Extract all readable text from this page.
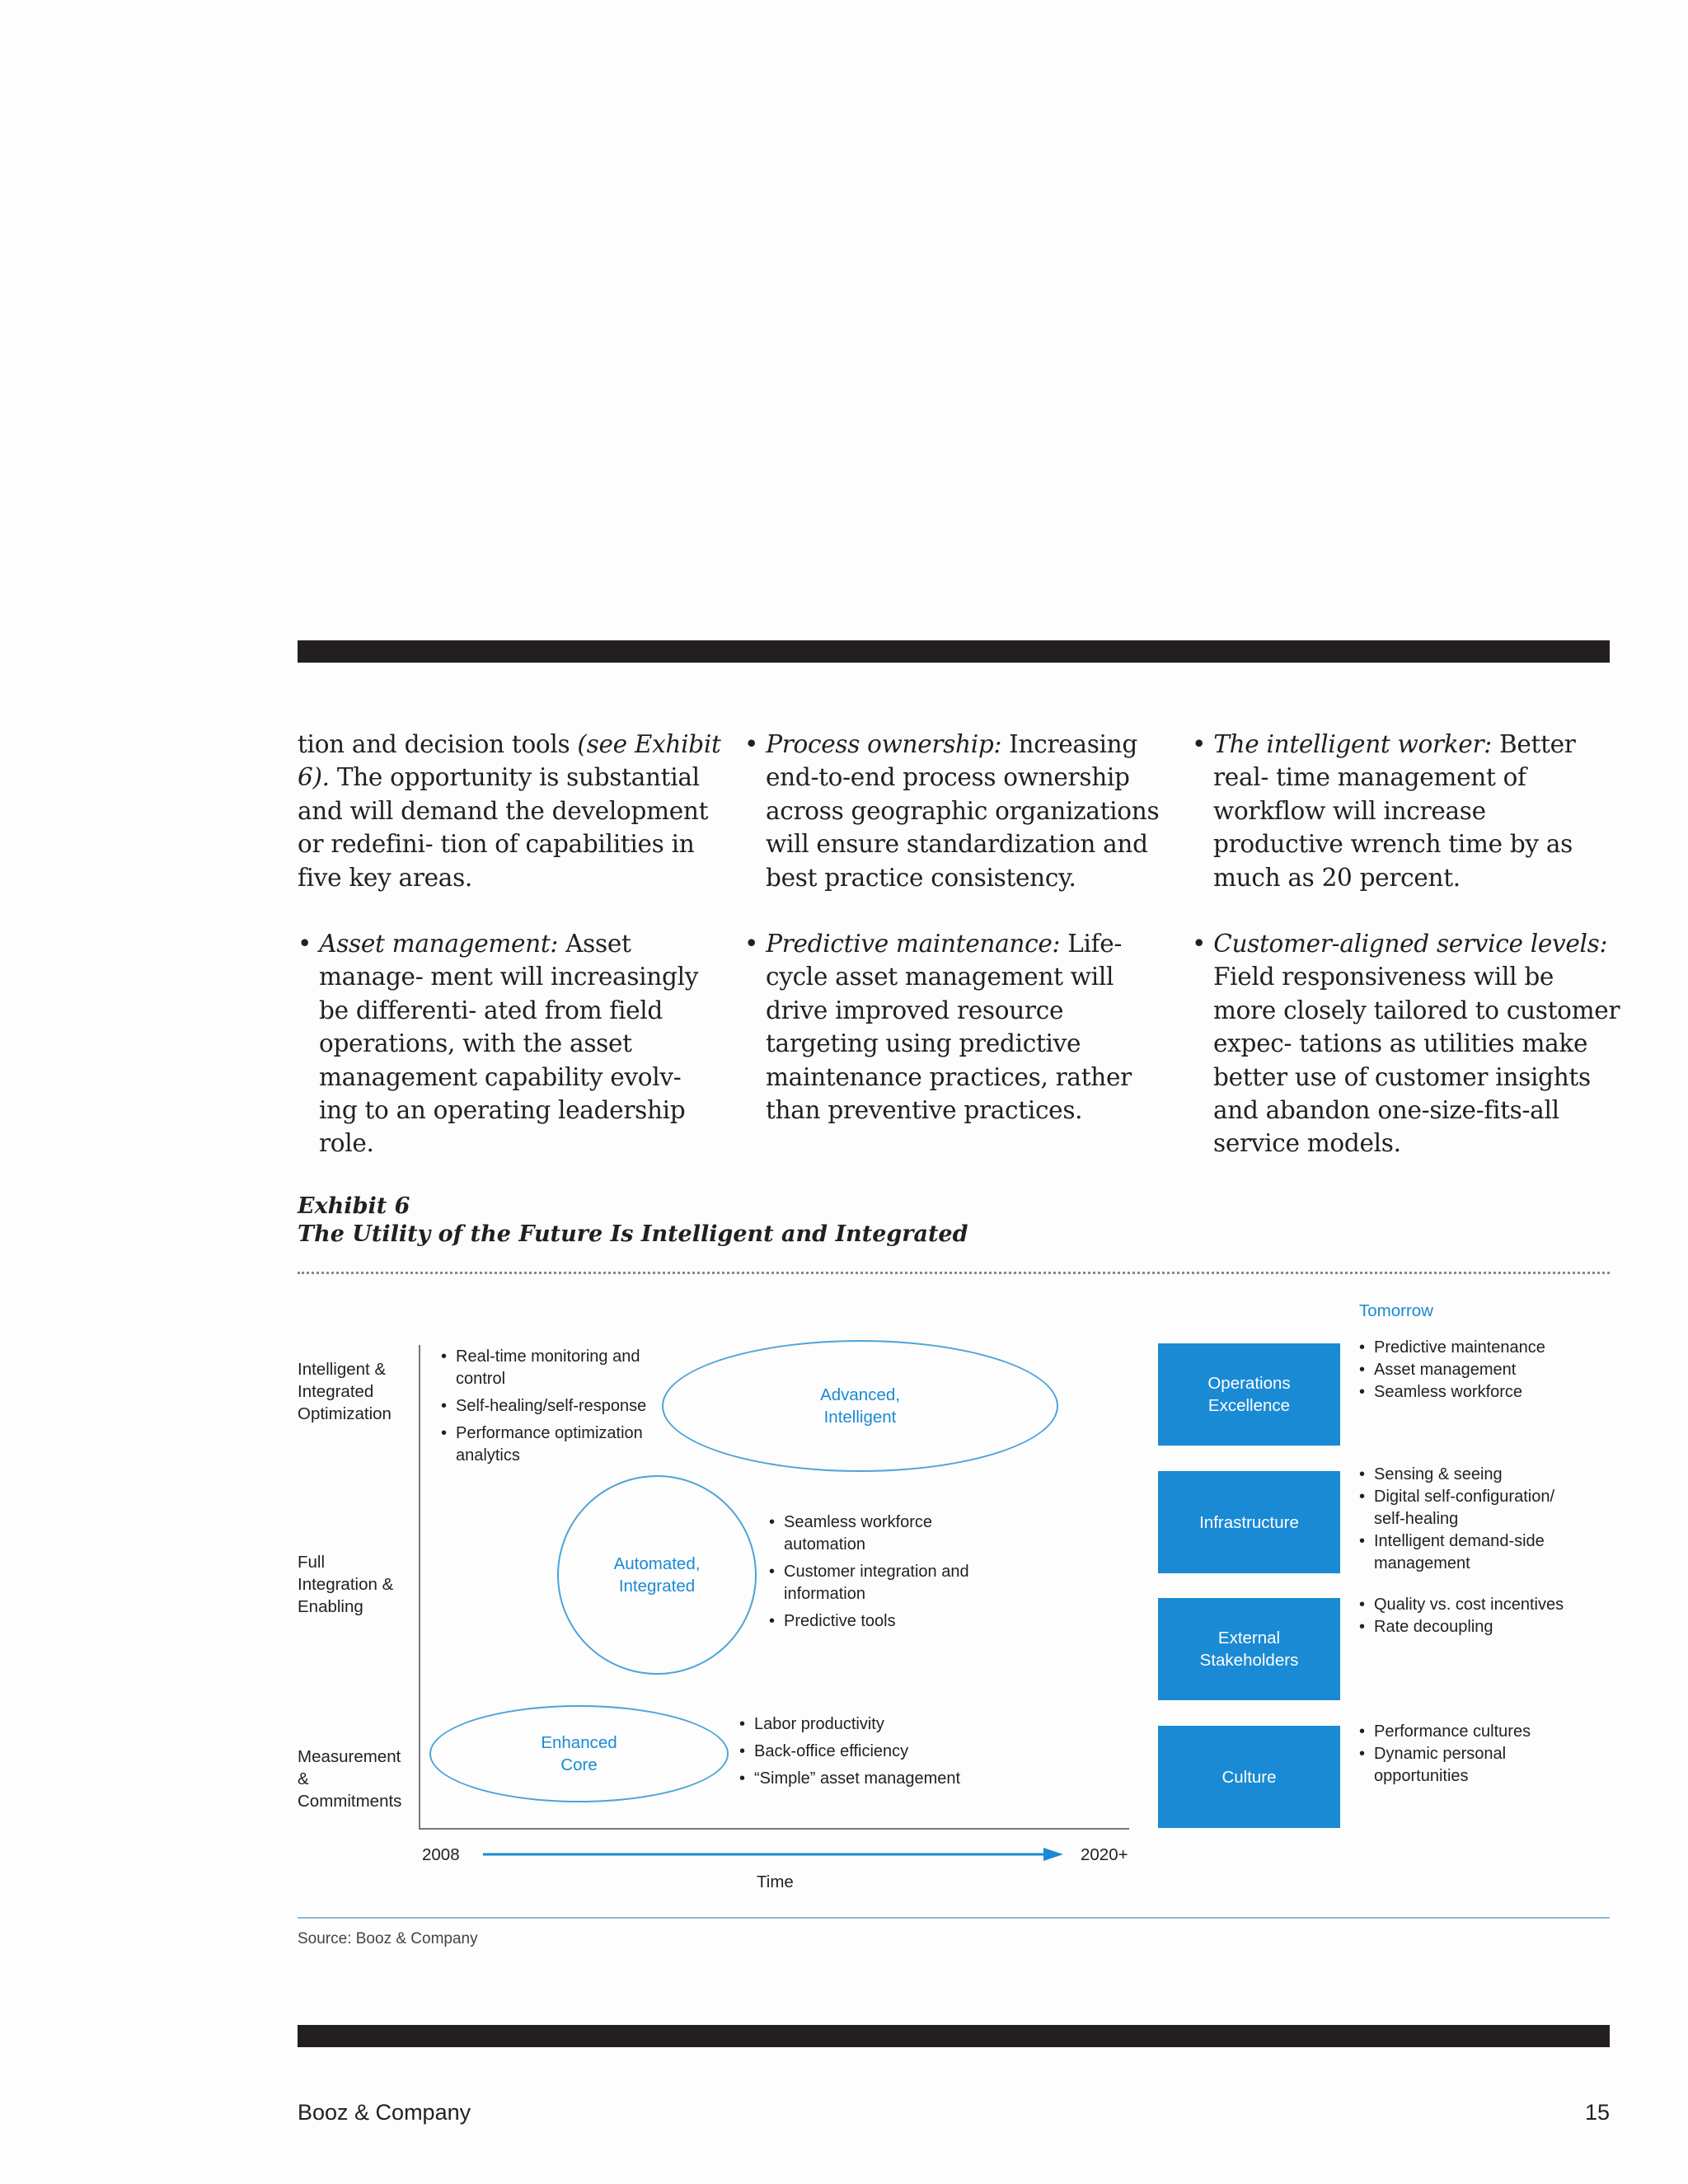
tion and decision tools (see Exhibit 6). The opportunity is substantial and will demand the development or redefini- tion of capabilities in five key areas.

• Asset management: Asset manage- ment will increasingly be differenti- ated from field operations, with the asset management capability evolv- ing to an operating leadership role.

• Process ownership: Increasing end-to-end process ownership across geographic organizations will ensure standardization and best practice consistency.

• Predictive maintenance: Life- cycle asset management will drive improved resource targeting using predictive maintenance practices, rather than preventive practices.

• The intelligent worker: Better real- time management of workflow will increase productive wrench time by as much as 20 percent.

• Customer-aligned service levels: Field responsiveness will be more closely tailored to customer expec- tations as utilities make better use of customer insights and abandon one-size-fits-all service models.

Exhibit 6
The Utility of the Future Is Intelligent and Integrated
Tomorrow
Intelligent & Integrated Optimization
Full Integration & Enabling
Measurement & Commitments
• Real-time monitoring and control
• Self-healing/self-response
• Performance optimization analytics
Advanced, Intelligent
Automated, Integrated
• Seamless workforce automation
• Customer integration and information
• Predictive tools
Enhanced Core
• Labor productivity
• Back-office efficiency
• “Simple” asset management
2008	2020+
Time
Operations Excellence
Infrastructure
External Stakeholders
Culture
• Predictive maintenance
• Asset management
• Seamless workforce
• Sensing & seeing
• Digital self-configuration/ self-healing
• Intelligent demand-side management
• Quality vs. cost incentives
• Rate decoupling
• Performance cultures
• Dynamic personal opportunities
Source: Booz & Company
Booz & Company	15
